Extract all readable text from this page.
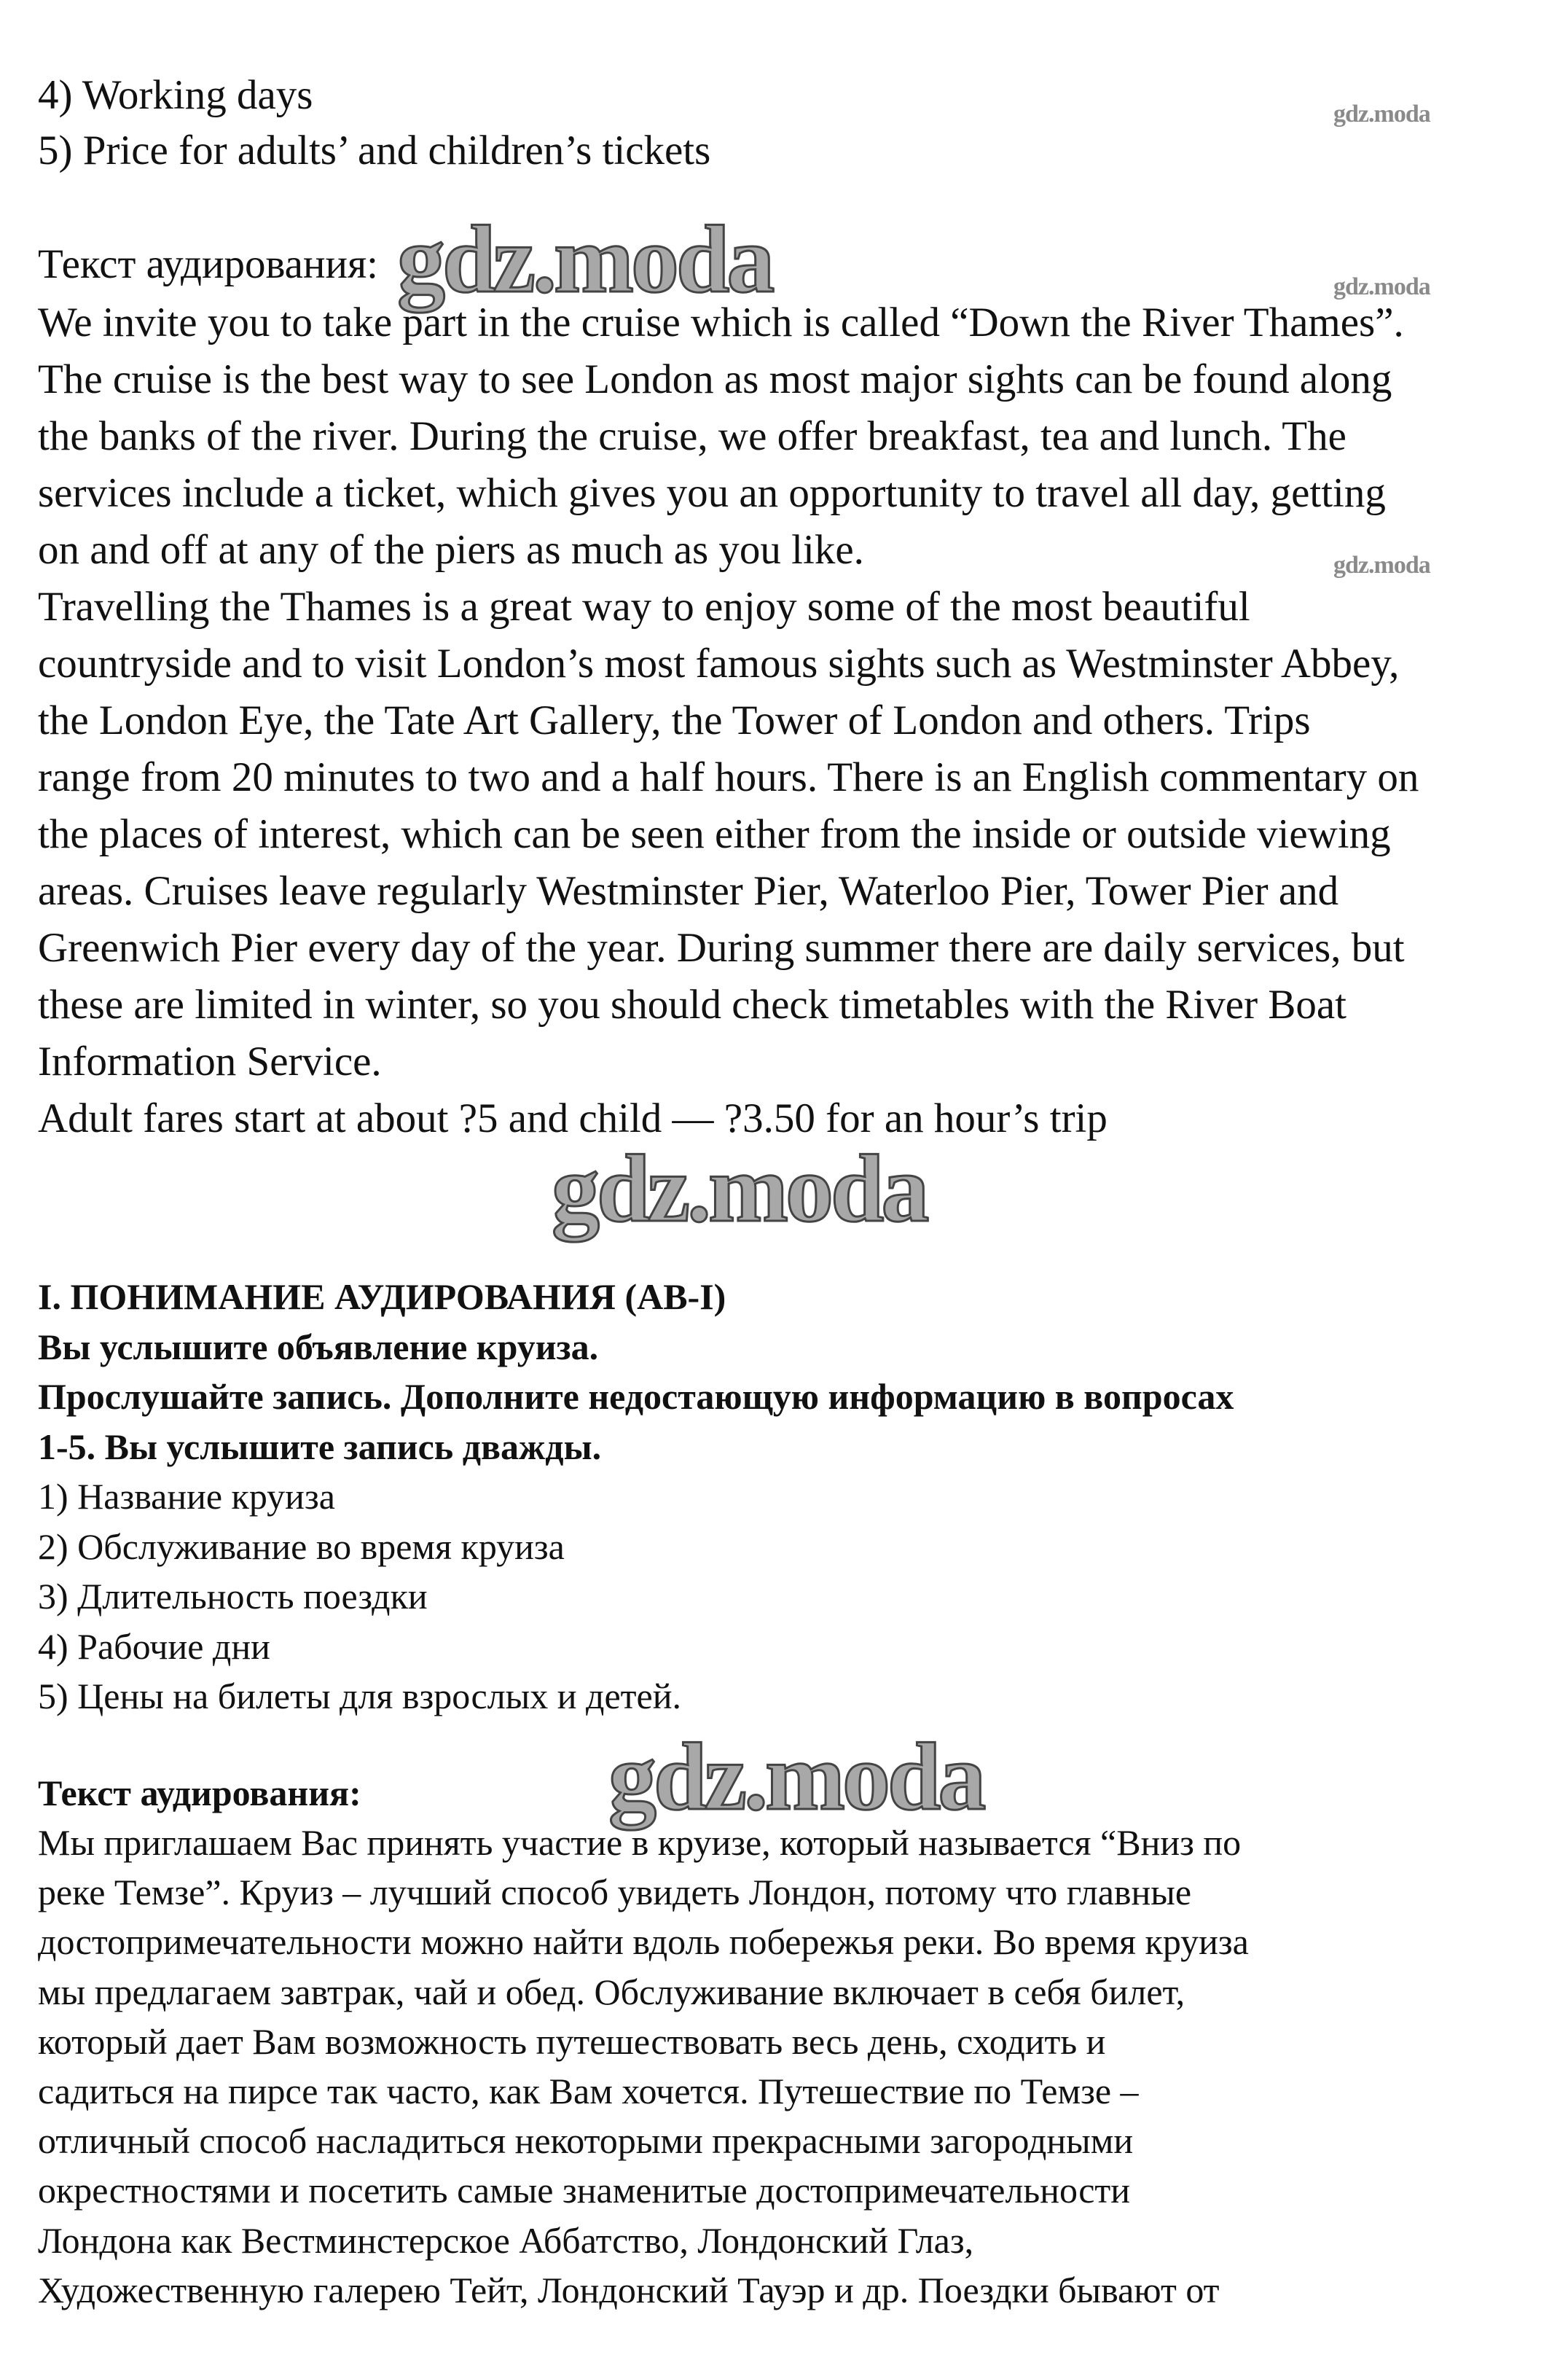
4) Working days
5) Price for adults’ and children’s tickets
Текст аудирования:
We invite you to take part in the cruise which is called “Down the River Thames”.
The cruise is the best way to see London as most major sights can be found along
the banks of the river. During the cruise, we offer breakfast, tea and lunch. The
services include a ticket, which gives you an opportunity to travel all day, getting
on and off at any of the piers as much as you like.
Travelling the Thames is a great way to enjoy some of the most beautiful
countryside and to visit London’s most famous sights such as Westminster Abbey,
the London Eye, the Tate Art Gallery, the Tower of London and others. Trips
range from 20 minutes to two and a half hours. There is an English commentary on
the places of interest, which can be seen either from the inside or outside viewing
areas. Cruises leave regularly Westminster Pier, Waterloo Pier, Tower Pier and
Greenwich Pier every day of the year. During summer there are daily services, but
these are limited in winter, so you should check timetables with the River Boat
Information Service.
Adult fares start at about ?5 and child — ?3.50 for an hour’s trip
I. ПОНИМАНИЕ АУДИРОВАНИЯ (AB-I)
Вы услышите объявление круиза.
Прослушайте запись. Дополните недостающую информацию в вопросах
1-5. Вы услышите запись дважды.
1) Название круиза
2) Обслуживание во время круиза
3) Длительность поездки
4) Рабочие дни
5) Цены на билеты для взрослых и детей.
Текст аудирования:
Мы приглашаем Вас принять участие в круизе, который называется “Вниз по
реке Темзе”. Круиз – лучший способ увидеть Лондон, потому что главные
достопримечательности можно найти вдоль побережья реки. Во время круиза
мы предлагаем завтрак, чай и обед. Обслуживание включает в себя билет,
который дает Вам возможность путешествовать весь день, сходить и
садиться на пирсе так часто, как Вам хочется. Путешествие по Темзе –
отличный способ насладиться некоторыми прекрасными загородными
окрестностями и посетить самые знаменитые достопримечательности
Лондона как Вестминстерское Аббатство, Лондонский Глаз,
Художественную галерею Тейт, Лондонский Тауэр и др. Поездки бывают от
gdz.moda
gdz.moda
gdz.moda
gdz.moda
gdz.moda
gdz.moda
